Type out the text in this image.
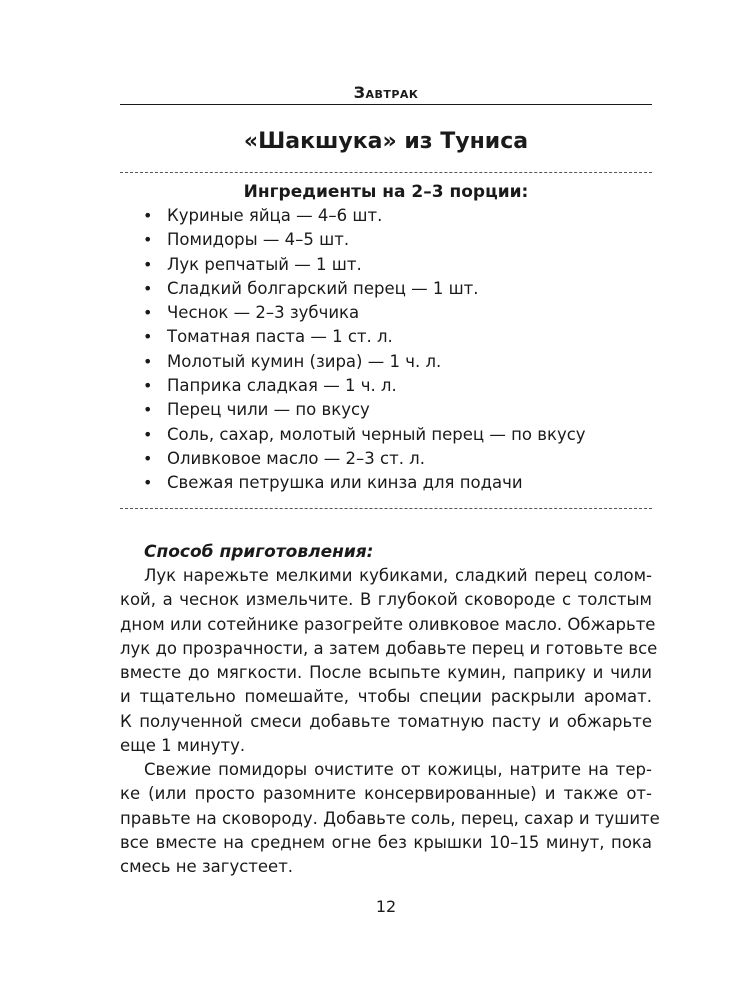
Завтрак
«Шакшука» из Туниса
Ингредиенты на 2–3 порции:
• Куриные яйца — 4–6 шт.
• Помидоры — 4–5 шт.
• Лук репчатый — 1 шт.
• Сладкий болгарский перец — 1 шт.
• Чеснок — 2–3 зубчика
• Томатная паста — 1 ст. л.
• Молотый кумин (зира) — 1 ч. л.
• Паприка сладкая — 1 ч. л.
• Перец чили — по вкусу
• Соль, сахар, молотый черный перец — по вкусу
• Оливковое масло — 2–3 ст. л.
• Свежая петрушка или кинза для подачи
Способ приготовления:

Лук нарежьте мелкими кубиками, сладкий перец солом-
кой, а чеснок измельчите. В глубокой сковороде с толстым
дном или сотейнике разогрейте оливковое масло. Обжарьте
лук до прозрачности, а затем добавьте перец и готовьте все
вместе до мягкости. После всыпьте кумин, паприку и чили
и тщательно помешайте, чтобы специи раскрыли аромат.
К полученной смеси добавьте томатную пасту и обжарьте
еще 1 минуту.

Свежие помидоры очистите от кожицы, натрите на тер-
ке (или просто разомните консервированные) и также от-
правьте на сковороду. Добавьте соль, перец, сахар и тушите
все вместе на среднем огне без крышки 10–15 минут, пока
смесь не загустеет.

12
